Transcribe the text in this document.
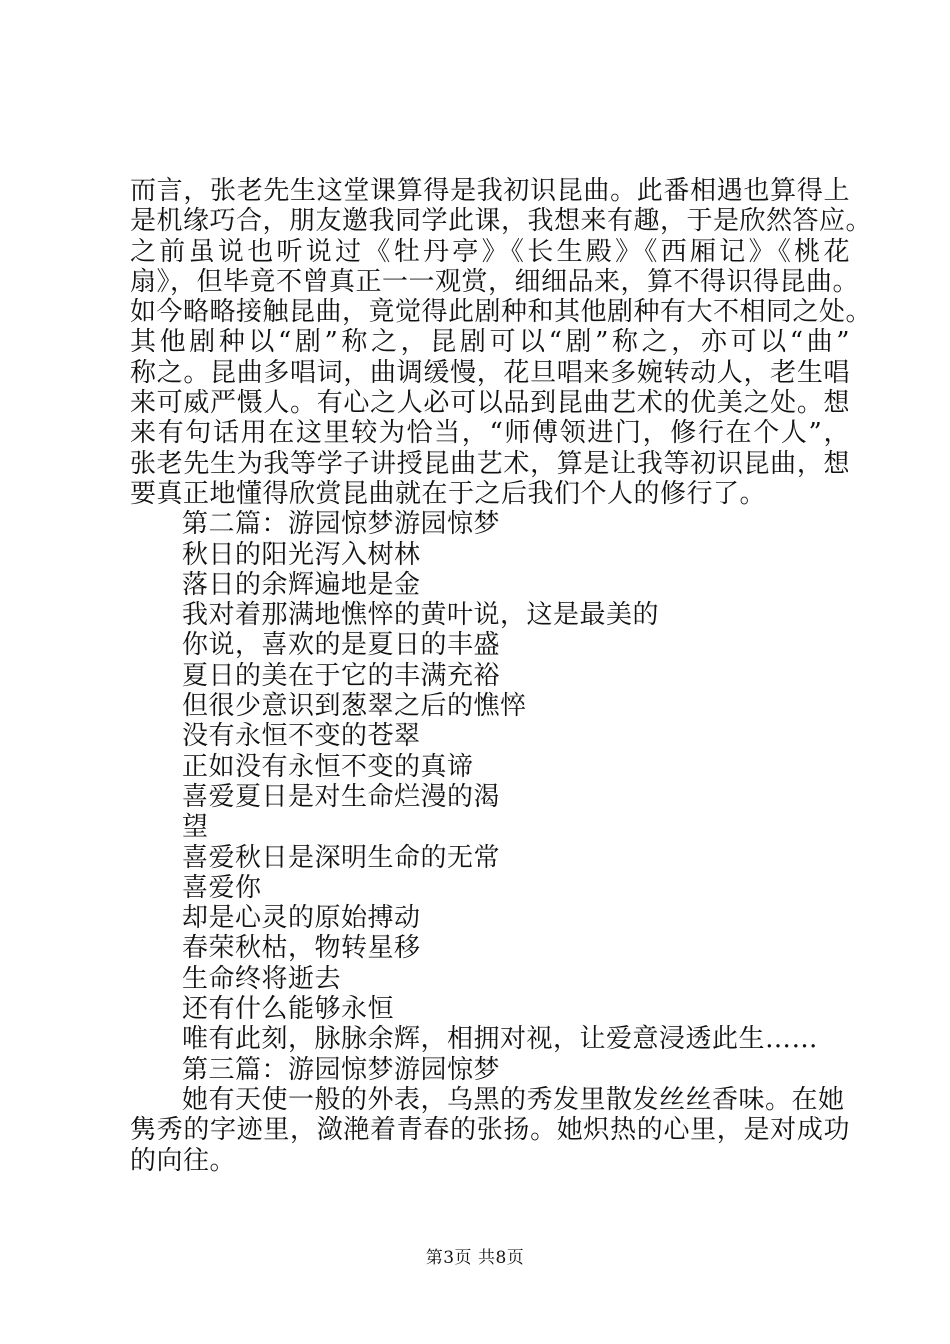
而言，张老先生这堂课算得是我初识昆曲。此番相遇也算得上
是机缘巧合，朋友邀我同学此课，我想来有趣，于是欣然答应。
之前虽说也听说过《牡丹亭》《长生殿》《西厢记》《桃花
扇》，但毕竟不曾真正一一观赏，细细品来，算不得识得昆曲。
如今略略接触昆曲，竟觉得此剧种和其他剧种有大不相同之处。
其他剧种以“剧”称之，昆剧可以“剧”称之，亦可以“曲”
称之。昆曲多唱词，曲调缓慢，花旦唱来多婉转动人，老生唱
来可威严慑人。有心之人必可以品到昆曲艺术的优美之处。想
来有句话用在这里较为恰当，“师傅领进门，修行在个人”，
张老先生为我等学子讲授昆曲艺术，算是让我等初识昆曲，想
要真正地懂得欣赏昆曲就在于之后我们个人的修行了。
第二篇：游园惊梦游园惊梦
秋日的阳光泻入树林
落日的余辉遍地是金
我对着那满地憔悴的黄叶说，这是最美的
你说，喜欢的是夏日的丰盛
夏日的美在于它的丰满充裕
但很少意识到葱翠之后的憔悴
没有永恒不变的苍翠
正如没有永恒不变的真谛
喜爱夏日是对生命烂漫的渴
望
喜爱秋日是深明生命的无常
喜爱你
却是心灵的原始搏动
春荣秋枯，物转星移
生命终将逝去
还有什么能够永恒
唯有此刻，脉脉余辉，相拥对视，让爱意浸透此生……
第三篇：游园惊梦游园惊梦
她有天使一般的外表，乌黑的秀发里散发丝丝香味。在她
隽秀的字迹里，潋滟着青春的张扬。她炽热的心里，是对成功
的向往。
第3页 共8页
